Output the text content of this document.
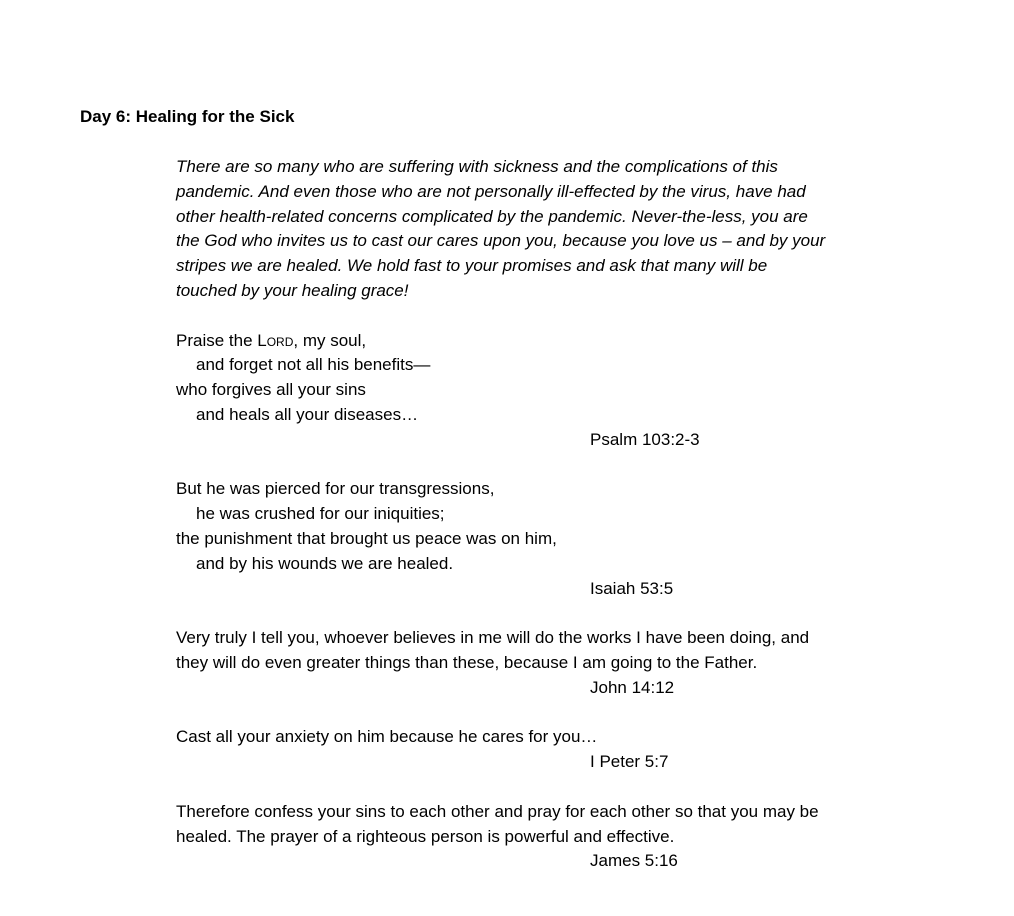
Day 6: Healing for the Sick
There are so many who are suffering with sickness and the complications of this
pandemic. And even those who are not personally ill-effected by the virus, have had
other health-related concerns complicated by the pandemic. Never-the-less, you are
the God who invites us to cast our cares upon you, because you love us – and by your
stripes we are healed. We hold fast to your promises and ask that many will be
touched by your healing grace!
Praise the Lord, my soul,
and forget not all his benefits—
who forgives all your sins
and heals all your diseases…
Psalm 103:2-3
But he was pierced for our transgressions,
he was crushed for our iniquities;
the punishment that brought us peace was on him,
and by his wounds we are healed.
Isaiah 53:5
Very truly I tell you, whoever believes in me will do the works I have been doing, and
they will do even greater things than these, because I am going to the Father.
John 14:12
Cast all your anxiety on him because he cares for you…
I Peter 5:7
Therefore confess your sins to each other and pray for each other so that you may be
healed. The prayer of a righteous person is powerful and effective.
James 5:16
